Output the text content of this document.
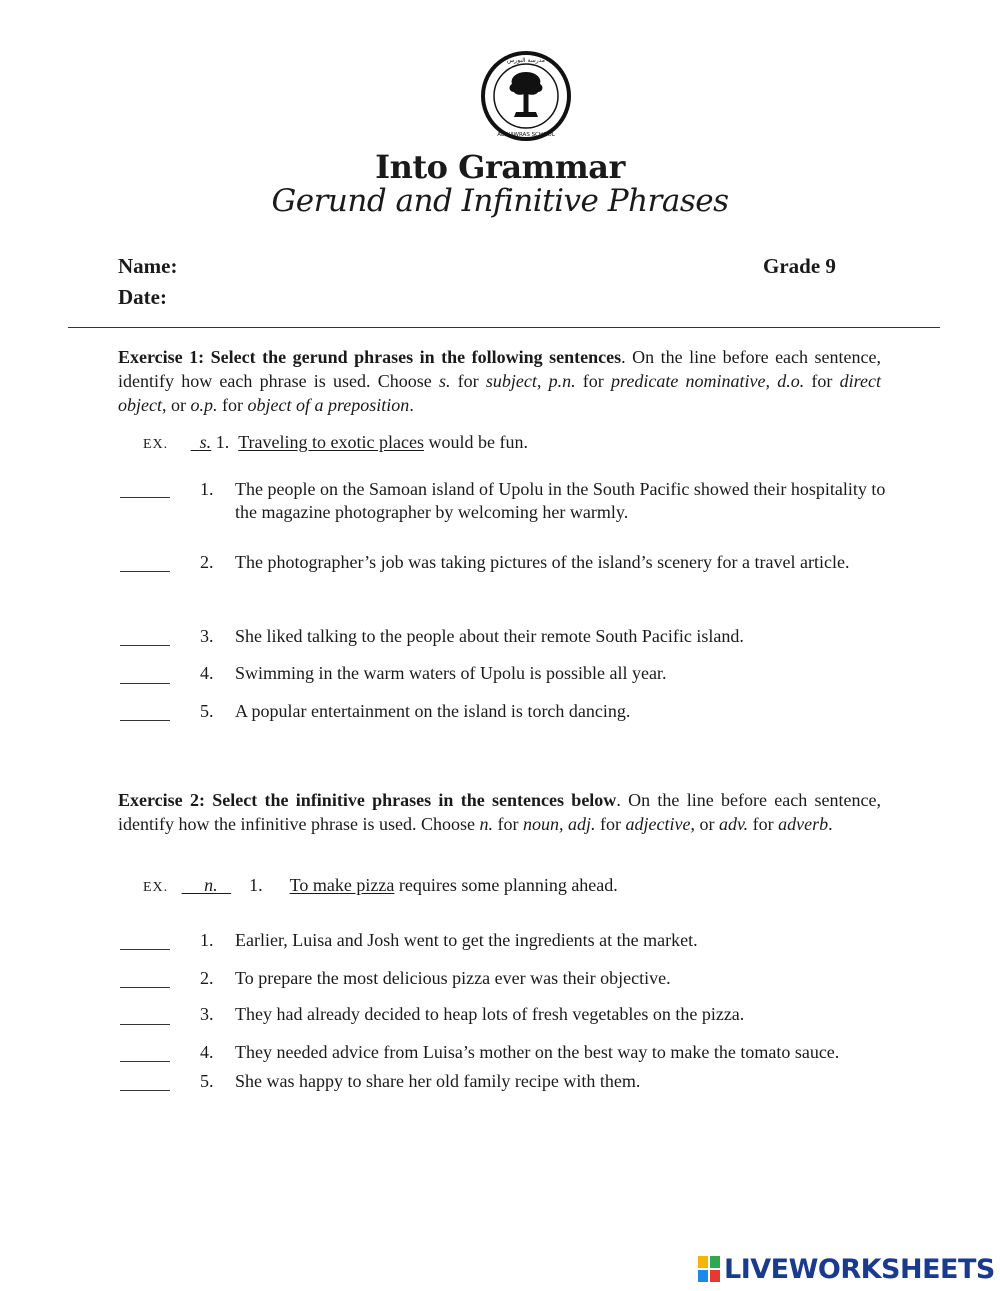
مدرسة النورس
AL-NAWRAS SCHOOL
Into Grammar
Gerund and Infinitive Phrases
Name:
Date:
Grade 9
Exercise 1: Select the gerund phrases in the following sentences. On the line before each sentence, identify how each phrase is used. Choose s. for subject, p.n. for predicate nominative, d.o. for direct object, or o.p. for object of a preposition.
EX. s. 1. Traveling to exotic places would be fun.
1. The people on the Samoan island of Upolu in the South Pacific showed their hospitality to the magazine photographer by welcoming her warmly.
2. The photographer’s job was taking pictures of the island’s scenery for a travel article.
3. She liked talking to the people about their remote South Pacific island.
4. Swimming in the warm waters of Upolu is possible all year.
5. A popular entertainment on the island is torch dancing.
Exercise 2: Select the infinitive phrases in the sentences below. On the line before each sentence, identify how the infinitive phrase is used. Choose n. for noun, adj. for adjective, or adv. for adverb.
EX. n. 1. To make pizza requires some planning ahead.
1. Earlier, Luisa and Josh went to get the ingredients at the market.
2. To prepare the most delicious pizza ever was their objective.
3. They had already decided to heap lots of fresh vegetables on the pizza.
4. They needed advice from Luisa’s mother on the best way to make the tomato sauce.
5. She was happy to share her old family recipe with them.
LIVEWORKSHEETS
